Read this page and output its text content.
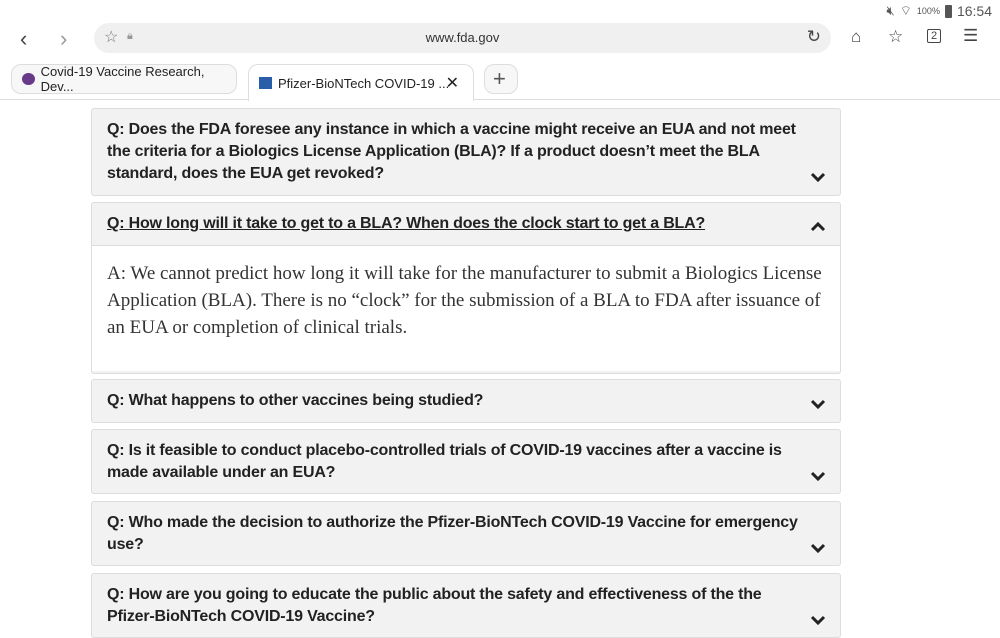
🔇︎ ⌔ 100% 16:54
‹ › ☆ 🔒︎	www.fda.gov	↻ ⌂ ☆	2 ☰
Covid-19 Vaccine Research, Dev...	Pfizer-BioNTech COVID-19 ...
✕	+
Q: Does the FDA foresee any instance in which a vaccine might receive an EUA and not meet the criteria for a Biologics License Application (BLA)? If a product doesn’t meet the BLA standard, does the EUA get revoked?
Q: How long will it take to get to a BLA? When does the clock start to get a BLA?
A: We cannot predict how long it will take for the manufacturer to submit a Biologics License Application (BLA). There is no “clock” for the submission of a BLA to FDA after issuance of an EUA or completion of clinical trials.
Q: What happens to other vaccines being studied?
Q: Is it feasible to conduct placebo-controlled trials of COVID-19 vaccines after a vaccine is made available under an EUA?
Q: Who made the decision to authorize the Pfizer-BioNTech COVID-19 Vaccine for emergency use?
Q: How are you going to educate the public about the safety and effectiveness of the the Pfizer-BioNTech COVID-19 Vaccine?
